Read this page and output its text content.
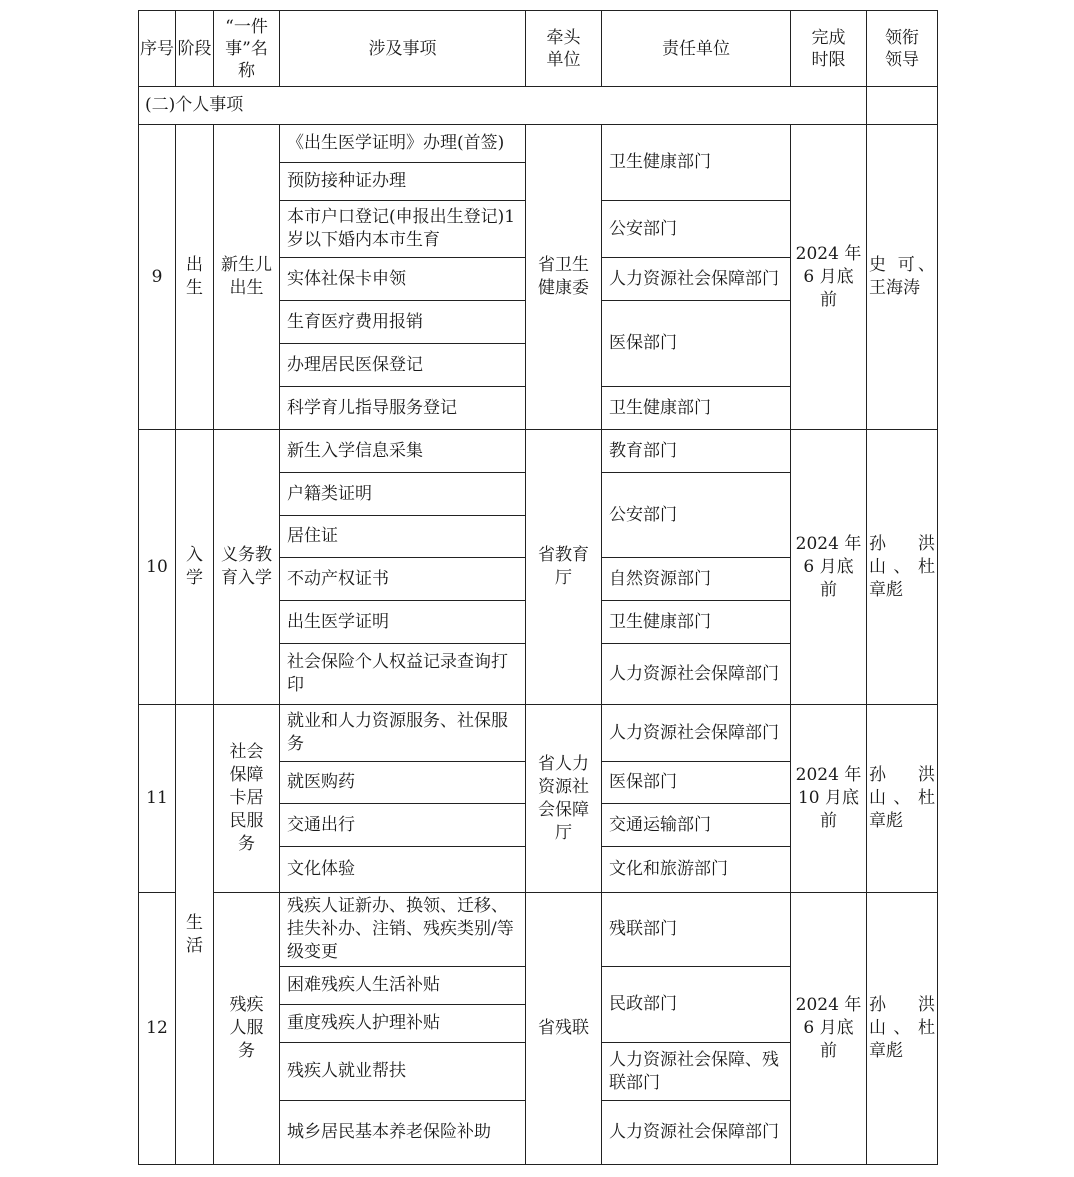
序号	阶段	“一件事”名称	涉及事项	牵头单位	责任单位	完成时限	领衔领导
(二)个人事项							
9	出生	新生儿出生	《出生医学证明》办理(首签)	省卫生健康委	卫生健康部门	2024 年 6 月底前	史 可、王海涛
			预防接种证办理				
			本市户口登记(申报出生登记)1 岁以下婚内本市生育		公安部门		
			实体社保卡申领		人力资源社会保障部门		
			生育医疗费用报销		医保部门		
			办理居民医保登记				
			科学育儿指导服务登记		卫生健康部门		
10	入学	义务教育入学	新生入学信息采集	省教育厅	教育部门	2024 年 6 月底前	孙洪山、杜章彪
			户籍类证明		公安部门		
			居住证				
			不动产权证书		自然资源部门		
			出生医学证明		卫生健康部门		
			社会保险个人权益记录查询打印		人力资源社会保障部门		
11	生活	社会保障卡居民服务	就业和人力资源服务、社保服务	省人力资源社会保障厅	人力资源社会保障部门	2024 年 10 月底前	孙洪山、杜章彪
			就医购药		医保部门		
			交通出行		交通运输部门		
			文化体验		文化和旅游部门		
12		残疾人服务	残疾人证新办、换领、迁移、挂失补办、注销、残疾类别/等级变更	省残联	残联部门	2024 年 6 月底前	孙洪山、杜章彪
			困难残疾人生活补贴		民政部门		
			重度残疾人护理补贴				
			残疾人就业帮扶		人力资源社会保障、残联部门		
			城乡居民基本养老保险补助		人力资源社会保障部门		
